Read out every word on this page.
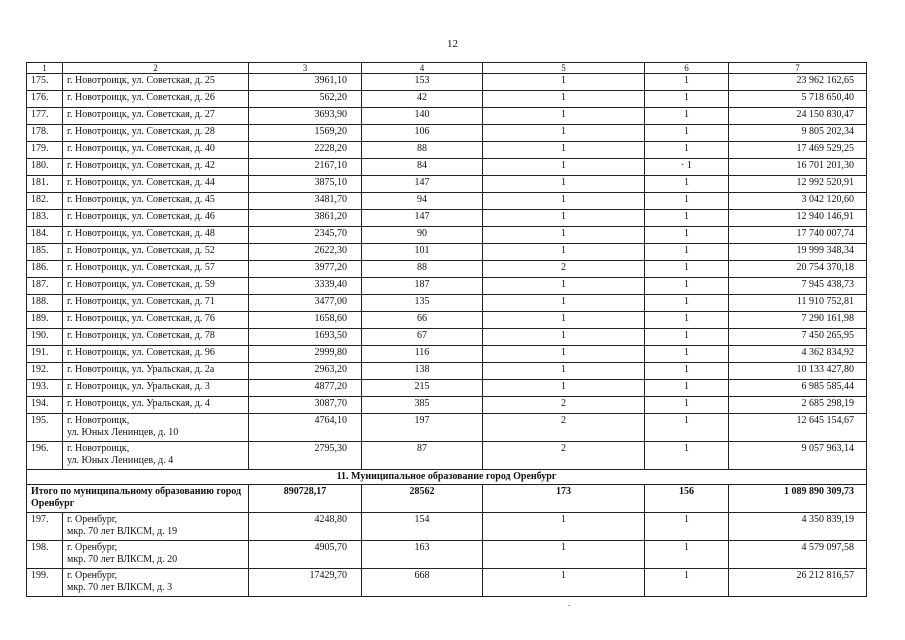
12
1	2	3	4	5	6	7
175.	г. Новотроицк, ул. Советская, д. 25	3961,10	153	1	1	23 962 162,65
176.	г. Новотроицк, ул. Советская, д. 26	562,20	42	1	1	5 718 650,40
177.	г. Новотроицк, ул. Советская, д. 27	3693,90	140	1	1	24 150 830,47
178.	г. Новотроицк, ул. Советская, д. 28	1569,20	106	1	1	9 805 202,34
179.	г. Новотроицк, ул. Советская, д. 40	2228,20	88	1	1	17 469 529,25
180.	г. Новотроицк, ул. Советская, д. 42	2167,10	84	1	· 1	16 701 201,30
181.	г. Новотроицк, ул. Советская, д. 44	3875,10	147	1	1	12 992 520,91
182.	г. Новотроицк, ул. Советская, д. 45	3481,70	94	1	1	3 042 120,60
183.	г. Новотроицк, ул. Советская, д. 46	3861,20	147	1	1	12 940 146,91
184.	г. Новотроицк, ул. Советская, д. 48	2345,70	90	1	1	17 740 007,74
185.	г. Новотроицк, ул. Советская, д. 52	2622,30	101	1	1	19 999 348,34
186.	г. Новотроицк, ул. Советская, д. 57	3977,20	88	2	1	20 754 370,18
187.	г. Новотроицк, ул. Советская, д. 59	3339,40	187	1	1	7 945 438,73
188.	г. Новотроицк, ул. Советская, д. 71	3477,00	135	1	1	11 910 752,81
189.	г. Новотроицк, ул. Советская, д. 76	1658,60	66	1	1	7 290 161,98
190.	г. Новотроицк, ул. Советская, д. 78	1693,50	67	1	1	7 450 265,95
191.	г. Новотроицк, ул. Советская, д. 96	2999,80	116	1	1	4 362 834,92
192.	г. Новотроицк, ул. Уральская, д. 2а	2963,20	138	1	1	10 133 427,80
193.	г. Новотроицк, ул. Уральская, д. 3	4877,20	215	1	1	6 985 585,44
194.	г. Новотроицк, ул. Уральская, д. 4	3087,70	385	2	1	2 685 298,19
195.	г. Новотроицк,
ул. Юных Ленинцев, д. 10	4764,10	197	2	1	12 645 154,67
196.	г. Новотроицк,
ул. Юных Ленинцев, д. 4	2795,30	87	2	1	9 057 963,14
11. Муниципальное образование город Оренбург						
Итого по муниципальному образованию город Оренбург		890728,17	28562	173	156	1 089 890 309,73
197.	г. Оренбург,
мкр. 70 лет ВЛКСМ, д. 19	4248,80	154	1	1	4 350 839,19
198.	г. Оренбург,
мкр. 70 лет ВЛКСМ, д. 20	4905,70	163	1	1	4 579 097,58
199.	г. Оренбург,
мкр. 70 лет ВЛКСМ, д. 3	17429,70	668	1	1	26 212 816,57
